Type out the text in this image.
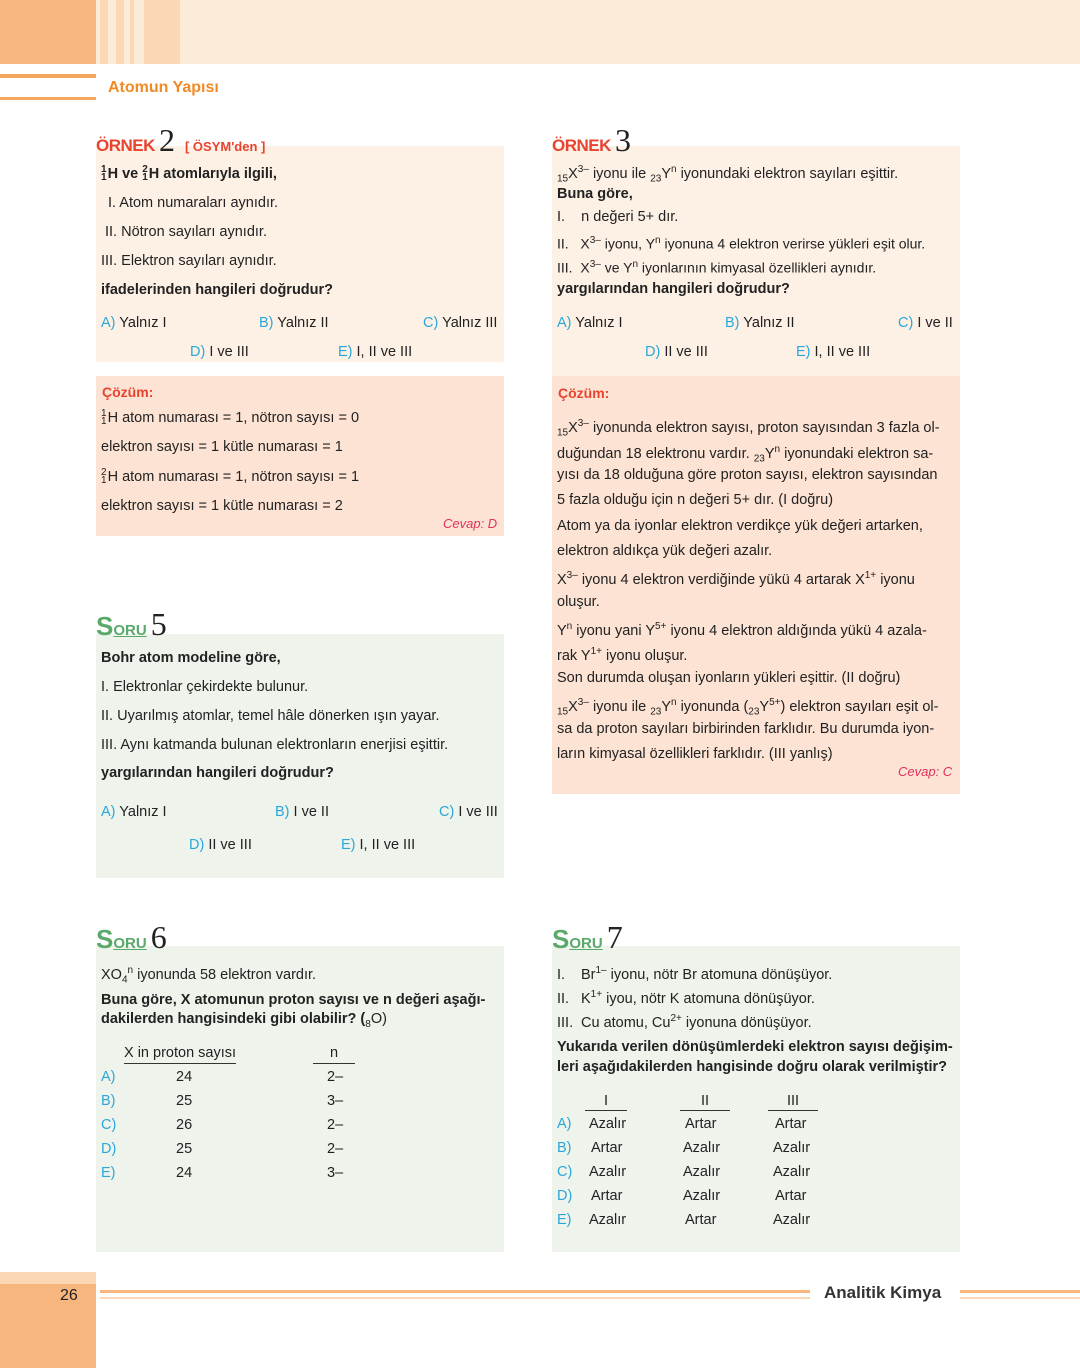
Atomun Yapısı
ÖRNEK 2 [ ÖSYM'den ]
1
1H ve 2
1H atomlarıyla ilgili,
I. Atom numaraları aynıdır.
II. Nötron sayıları aynıdır.
III. Elektron sayıları aynıdır.
ifadelerinden hangileri doğrudur?
A) Yalnız I	B) Yalnız II	C) Yalnız III
D) I ve III	E) I, II ve III
Çözüm:
1
1H atom numarası = 1, nötron sayısı = 0
elektron sayısı = 1 kütle numarası = 1
2
1H atom numarası = 1, nötron sayısı = 1
elektron sayısı = 1 kütle numarası = 2
Cevap: D
ÖRNEK 3
$_{15}X^{3-}$ iyonu ile $_{23}Y^n$ iyonundaki elektron sayıları eşittir.
Buna göre,
I.    n değeri 5+ dır.
II.   $X^{3-}$ iyonu, $Y^n$ iyonuna 4 elektron verirse yükleri eşit olur.
III.  $X^{3-}$ ve $Y^n$ iyonlarının kimyasal özellikleri aynıdır.
yargılarından hangileri doğrudur?
A) Yalnız I	B) Yalnız II	C) I ve II
D) II ve III	E) I, II ve III
Çözüm:
$_{15}X^{3-}$ iyonunda elektron sayısı, proton sayısından 3 fazla ol-
duğundan 18 elektronu vardır. $_{23}Y^n$ iyonundaki elektron sa-
yısı da 18 olduğuna göre proton sayısı, elektron sayısından
5 fazla olduğu için n değeri 5+ dır. (I doğru)
Atom ya da iyonlar elektron verdikçe yük değeri artarken,
elektron aldıkça yük değeri azalır.
$X^{3-}$ iyonu 4 elektron verdiğinde yükü 4 artarak $X^{1+}$ iyonu
oluşur.
$Y^n$ iyonu yani $Y^{5+}$ iyonu 4 elektron aldığında yükü 4 azala-
rak $Y^{1+}$ iyonu oluşur.
Son durumda oluşan iyonların yükleri eşittir. (II doğru)
$_{15}X^{3-}$ iyonu ile $_{23}Y^n$ iyonunda $(_{23}Y^{5+})$ elektron sayıları eşit ol-
sa da proton sayıları birbirinden farklıdır. Bu durumda iyon-
ların kimyasal özellikleri farklıdır. (III yanlış)
Cevap: C
SORU 5
Bohr atom modeline göre,
I. Elektronlar çekirdekte bulunur.
II. Uyarılmış atomlar, temel hâle dönerken ışın yayar.
III. Aynı katmanda bulunan elektronların enerjisi eşittir.
yargılarından hangileri doğrudur?
A) Yalnız I	B) I ve II	C) I ve III
D) II ve III	E) I, II ve III
SORU 6
$XO_4^n$ iyonunda 58 elektron vardır.
Buna göre, X atomunun proton sayısı ve n değeri aşağı-
dakilerden hangisindeki gibi olabilir? $(_8O)$
X in proton sayısı	n
A)	24	2–
B)	25	3–
C)	26	2–
D)	25	2–
E)	24	3–
SORU 7
I. $Br^{1-}$ iyonu, nötr Br atomuna dönüşüyor.
II. $K^{1+}$ iyou, nötr K atomuna dönüşüyor.
III. Cu atomu, $Cu^{2+}$ iyonuna dönüşüyor.
Yukarıda verilen dönüşümlerdeki elektron sayısı değişim-
leri aşağıdakilerden hangisinde doğru olarak verilmiştir?
I	II	III
A) Azalır	Artar	Artar
B) Artar	Azalır	Azalır
C) Azalır	Azalır	Azalır
D) Artar	Azalır	Artar
E) Azalır	Artar	Azalır
26	Analitik Kimya
